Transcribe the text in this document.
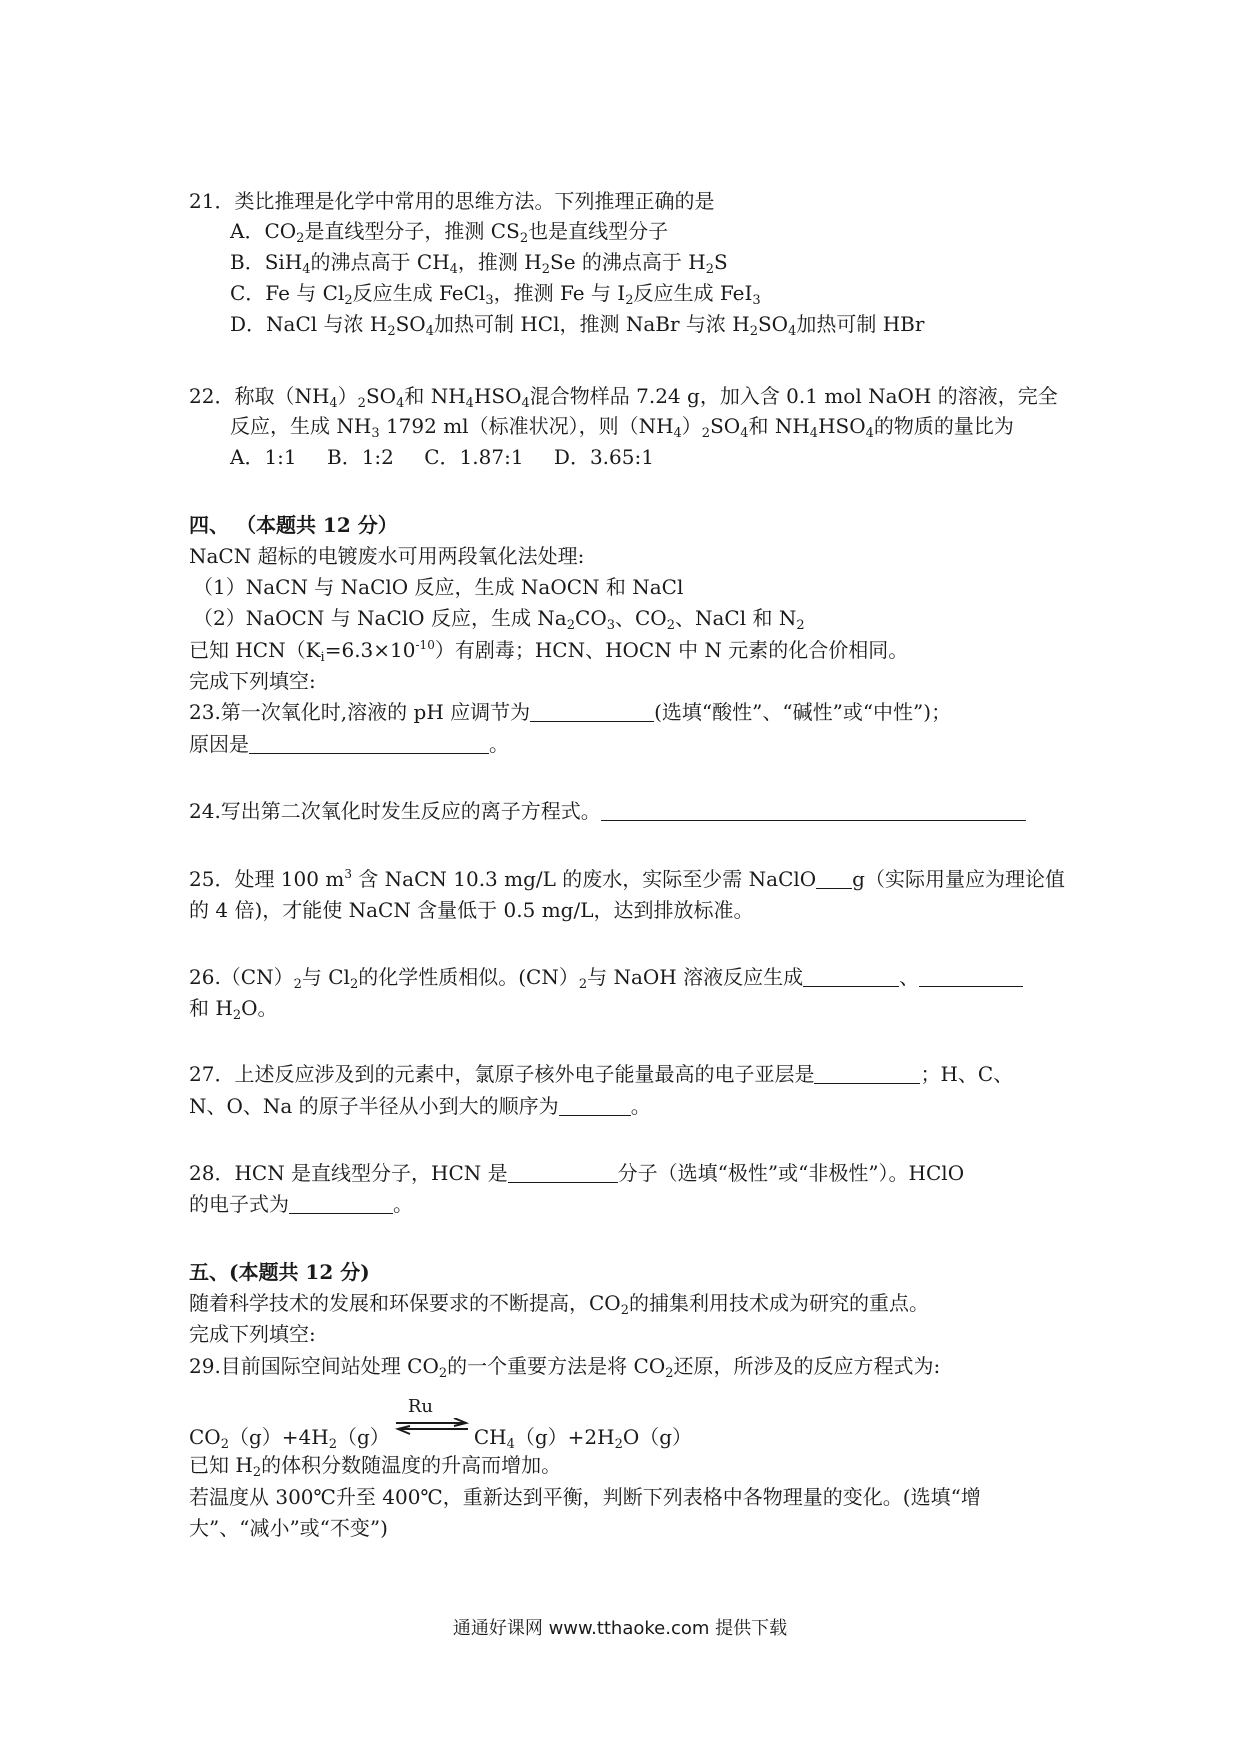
21．类比推理是化学中常用的思维方法。下列推理正确的是
A．$CO_2$是直线型分子，推测 $CS_2$也是直线型分子
B．SiH$_4$的沸点高于 $CH_4$，推测 $H_2Se$ 的沸点高于 $H_2S$
C．Fe 与 $Cl_2$反应生成 FeCl$_3$，推测 Fe 与 $I_2$反应生成 FeI$_3$
D．NaCl 与浓 $H_2SO_4$加热可制 HCl，推测 NaBr 与浓 $H_2SO_4$加热可制 HBr
22．称取$(NH_4)_2SO_4$和 $NH_4HSO_4$混合物样品 7.24 g，加入含 0.1 mol NaOH 的溶液，完全
反应，生成 $NH_3$ 1792 ml（标准状况），则$(NH_4)_2SO_4$和 $NH_4HSO_4$的物质的量比为
A．1:1 B．1:2 C．1.87:1 D．3.65:1
四、 （本题共 12 分）
NaCN 超标的电镀废水可用两段氧化法处理:
（1）NaCN 与 NaClO 反应，生成 NaOCN 和 NaCl
（2）NaOCN 与 NaClO 反应，生成 $Na_2CO_3$、$CO_2$、NaCl 和 $N_2$
已知 $HCN(K_i=6.3\times 10^{-10})$有剧毒；HCN、HOCN 中 N 元素的化合价相同。
完成下列填空:
23.第一次氧化时,溶液的 pH 应调节为	(选填“酸性”、“碱性”或“中性”)；
原因是	。
24.写出第二次氧化时发生反应的离子方程式。
25．处理 100 $m^3$ 含 NaCN 10.3 mg/L 的废水，实际至少需 NaClO g（实际用量应为理论值
的 4 倍)，才能使 NaCN 含量低于 0.5 mg/L，达到排放标准。
$26.(CN)_2$与 $Cl_2$的化学性质相似。$(CN)_2$与 NaOH 溶液反应生成	、
和 $H_2O$。
27．上述反应涉及到的元素中，氯原子核外电子能量最高的电子亚层是	；H、C、
N、O、Na 的原子半径从小到大的顺序为	。
28．HCN 是直线型分子，HCN 是	分子（选填“极性”或“非极性”）。HClO
的电子式为	。
五、(本题共 12 分)
随着科学技术的发展和环保要求的不断提高，$CO_2$的捕集利用技术成为研究的重点。
完成下列填空:
29.目前国际空间站处理 $CO_2$的一个重要方法是将 $CO_2$还原，所涉及的反应方程式为:
$CO_2(g)+4H_2(g)$
Ru
$CH_4(g)+2H_2O(g)$
已知 $H_2$的体积分数随温度的升高而增加。
若温度从 300℃升至 400℃，重新达到平衡，判断下列表格中各物理量的变化。(选填“增
大”、“减小”或“不变”)
通通好课网 www.tthaoke.com 提供下载
